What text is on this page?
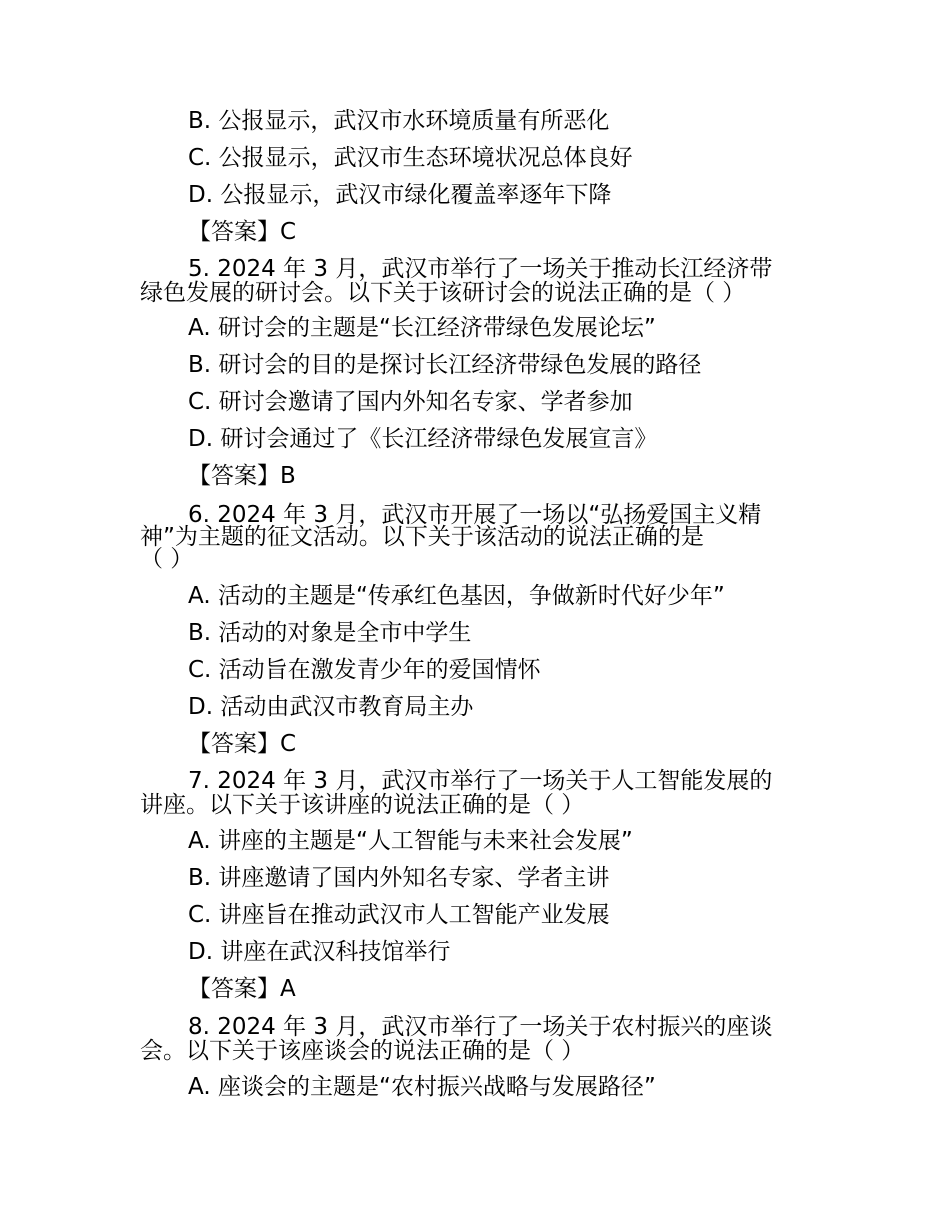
B. 公报显示，武汉市水环境质量有所恶化
C. 公报显示，武汉市生态环境状况总体良好
D. 公报显示，武汉市绿化覆盖率逐年下降
【答案】C
5. 2024 年 3 月，武汉市举行了一场关于推动长江经济带
绿色发展的研讨会。以下关于该研讨会的说法正确的是（ ）
A. 研讨会的主题是“长江经济带绿色发展论坛”
B. 研讨会的目的是探讨长江经济带绿色发展的路径
C. 研讨会邀请了国内外知名专家、学者参加
D. 研讨会通过了《长江经济带绿色发展宣言》
【答案】B
6. 2024 年 3 月，武汉市开展了一场以“弘扬爱国主义精
神”为主题的征文活动。以下关于该活动的说法正确的是
（ ）
A. 活动的主题是“传承红色基因，争做新时代好少年”
B. 活动的对象是全市中学生
C. 活动旨在激发青少年的爱国情怀
D. 活动由武汉市教育局主办
【答案】C
7. 2024 年 3 月，武汉市举行了一场关于人工智能发展的
讲座。以下关于该讲座的说法正确的是（ ）
A. 讲座的主题是“人工智能与未来社会发展”
B. 讲座邀请了国内外知名专家、学者主讲
C. 讲座旨在推动武汉市人工智能产业发展
D. 讲座在武汉科技馆举行
【答案】A
8. 2024 年 3 月，武汉市举行了一场关于农村振兴的座谈
会。以下关于该座谈会的说法正确的是（ ）
A. 座谈会的主题是“农村振兴战略与发展路径”
